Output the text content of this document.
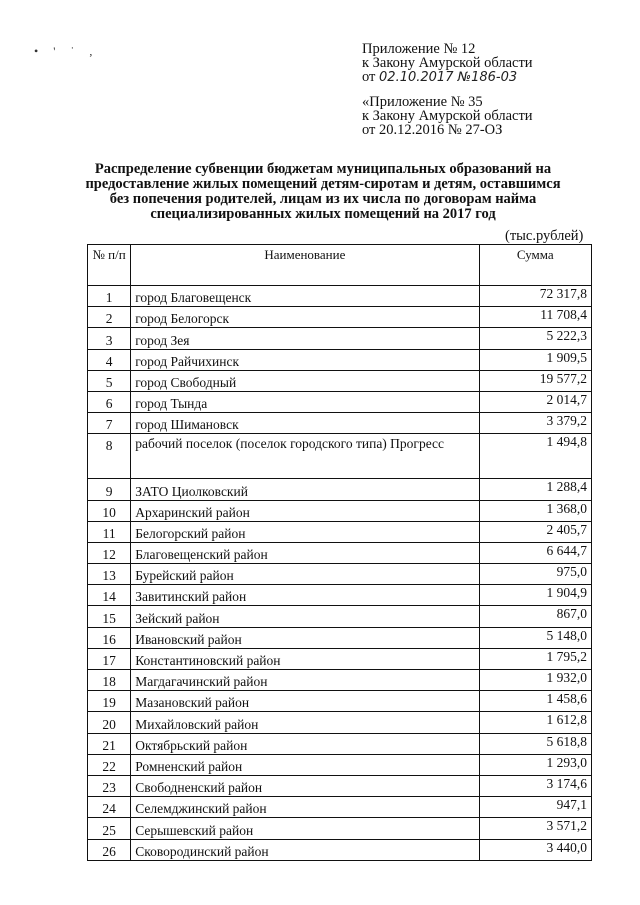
• ' ˙ ,	Приложение № 12
к Закону Амурской области
от 02.10.2017 №186-03
«Приложение № 35
к Закону Амурской области
от 20.12.2016 № 27-ОЗ
Распределение субвенции бюджетам муниципальных образований на предоставление жилых помещений детям-сиротам и детям, оставшимся без попечения родителей, лицам из их числа по договорам найма специализированных жилых помещений на 2017 год
(тыс.рублей)
№ п/п	Наименование	Сумма
1	город Благовещенск	72 317,8
2	город Белогорск	11 708,4
3	город Зея	5 222,3
4	город Райчихинск	1 909,5
5	город Свободный	19 577,2
6	город Тында	2 014,7
7	город Шимановск	3 379,2
8	рабочий поселок (поселок городского типа) Прогресс	1 494,8
9	ЗАТО Циолковский	1 288,4
10	Архаринский район	1 368,0
11	Белогорский район	2 405,7
12	Благовещенский район	6 644,7
13	Бурейский район	975,0
14	Завитинский район	1 904,9
15	Зейский район	867,0
16	Ивановский район	5 148,0
17	Константиновский район	1 795,2
18	Магдагачинский район	1 932,0
19	Мазановский район	1 458,6
20	Михайловский район	1 612,8
21	Октябрьский район	5 618,8
22	Ромненский район	1 293,0
23	Свободненский район	3 174,6
24	Селемджинский район	947,1
25	Серышевский район	3 571,2
26	Сковородинский район	3 440,0
